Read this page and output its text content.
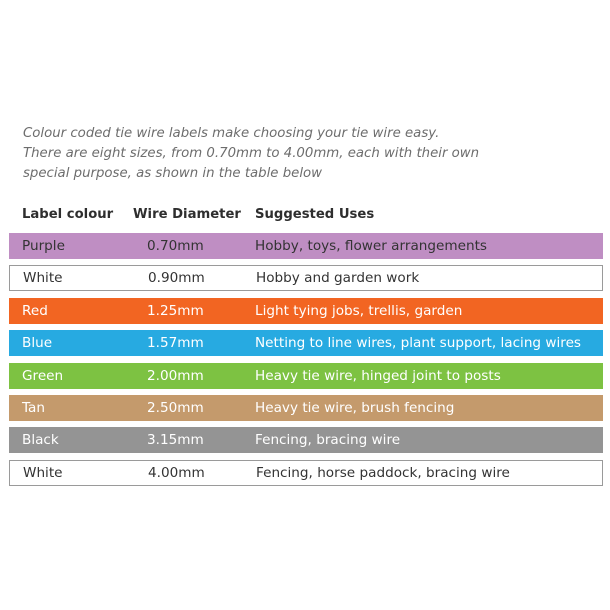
Colour coded tie wire labels make choosing your tie wire easy.
There are eight sizes, from 0.70mm to 4.00mm, each with their own
special purpose, as shown in the table below
Label colour	Wire Diameter	Suggested Uses
Purple	0.70mm	Hobby, toys, flower arrangements
White	0.90mm	Hobby and garden work
Red	1.25mm	Light tying jobs, trellis, garden
Blue	1.57mm	Netting to line wires, plant support, lacing wires
Green	2.00mm	Heavy tie wire, hinged joint to posts
Tan	2.50mm	Heavy tie wire, brush fencing
Black	3.15mm	Fencing, bracing wire
White	4.00mm	Fencing, horse paddock, bracing wire
